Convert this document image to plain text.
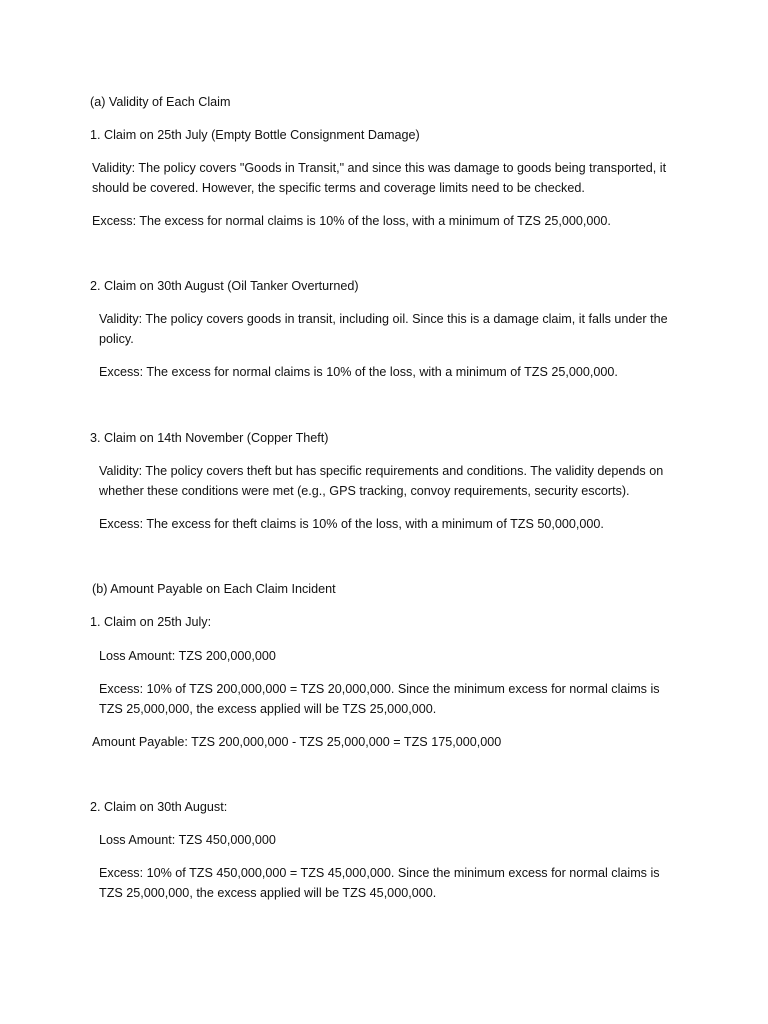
(a) Validity of Each Claim

1. Claim on 25th July (Empty Bottle Consignment Damage)

Validity: The policy covers "Goods in Transit," and since this was damage to goods being transported, it should be covered. However, the specific terms and coverage limits need to be checked.

Excess: The excess for normal claims is 10% of the loss, with a minimum of TZS 25,000,000.

2. Claim on 30th August (Oil Tanker Overturned)

Validity: The policy covers goods in transit, including oil. Since this is a damage claim, it falls under the policy.

Excess: The excess for normal claims is 10% of the loss, with a minimum of TZS 25,000,000.

3. Claim on 14th November (Copper Theft)

Validity: The policy covers theft but has specific requirements and conditions. The validity depends on whether these conditions were met (e.g., GPS tracking, convoy requirements, security escorts).

Excess: The excess for theft claims is 10% of the loss, with a minimum of TZS 50,000,000.

(b) Amount Payable on Each Claim Incident

1. Claim on 25th July:

Loss Amount: TZS 200,000,000

Excess: 10% of TZS 200,000,000 = TZS 20,000,000. Since the minimum excess for normal claims is TZS 25,000,000, the excess applied will be TZS 25,000,000.

Amount Payable: TZS 200,000,000 - TZS 25,000,000 = TZS 175,000,000

2. Claim on 30th August:

Loss Amount: TZS 450,000,000

Excess: 10% of TZS 450,000,000 = TZS 45,000,000. Since the minimum excess for normal claims is TZS 25,000,000, the excess applied will be TZS 45,000,000.
